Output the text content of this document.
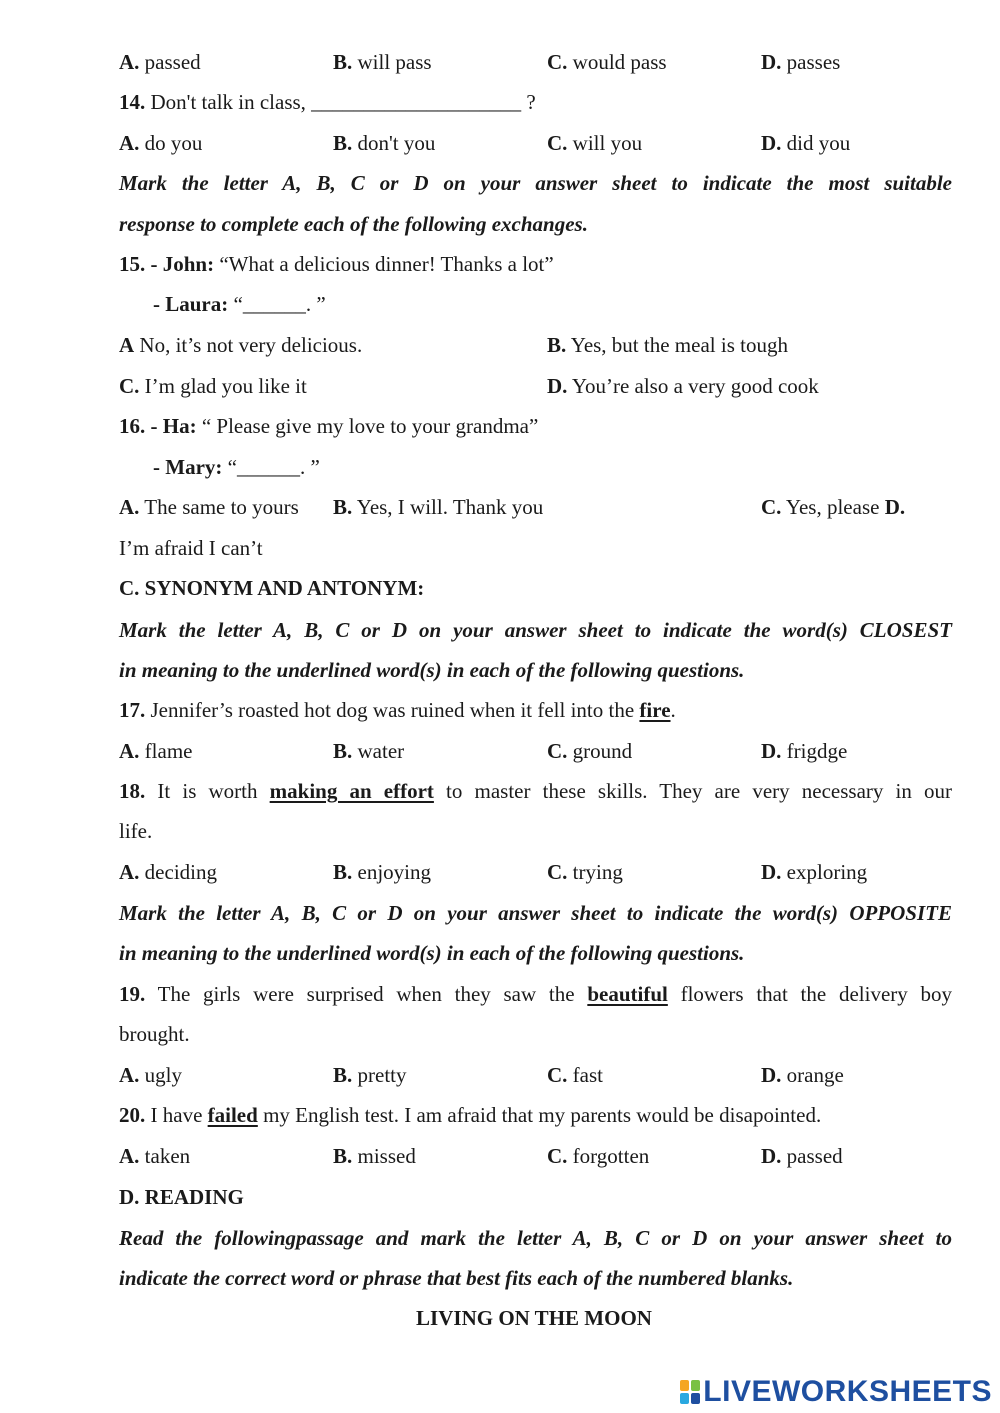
A. passed	B. will pass	C. would pass	D. passes
14. Don't talk in class, ____________________ ?
A. do you	B. don't you	C. will you	D. did you
Mark the letter A, B, C or D on your answer sheet to indicate the most suitable
response to complete each of the following exchanges.
15. - John: “What a delicious dinner! Thanks a lot”
- Laura: “______. ”
A No, it’s not very delicious.	B. Yes, but the meal is tough
C. I’m glad you like it	D. You’re also a very good cook
16. - Ha: “ Please give my love to your grandma”
- Mary: “______. ”
A. The same to yours B. Yes, I will. Thank you	C. Yes, please D.
I’m afraid I can’t
C. SYNONYM AND ANTONYM:
Mark the letter A, B, C or D on your answer sheet to indicate the word(s) CLOSEST
in meaning to the underlined word(s) in each of the following questions.
17. Jennifer’s roasted hot dog was ruined when it fell into the fire.
A. flame	B. water	C. ground	D. frigdge
18. It is worth making an effort to master these skills. They are very necessary in our
life.
A. deciding	B. enjoying	C. trying	D. exploring
Mark the letter A, B, C or D on your answer sheet to indicate the word(s) OPPOSITE
in meaning to the underlined word(s) in each of the following questions.
19. The girls were surprised when they saw the beautiful flowers that the delivery boy
brought.
A. ugly	B. pretty	C. fast	D. orange
20. I have failed my English test. I am afraid that my parents would be disapointed.
A. taken	B. missed	C. forgotten	D. passed
D. READING
Read the followingpassage and mark the letter A, B, C or D on your answer sheet to
indicate the correct word or phrase that best fits each of the numbered blanks.
LIVING ON THE MOON
LIVEWORKSHEETS
